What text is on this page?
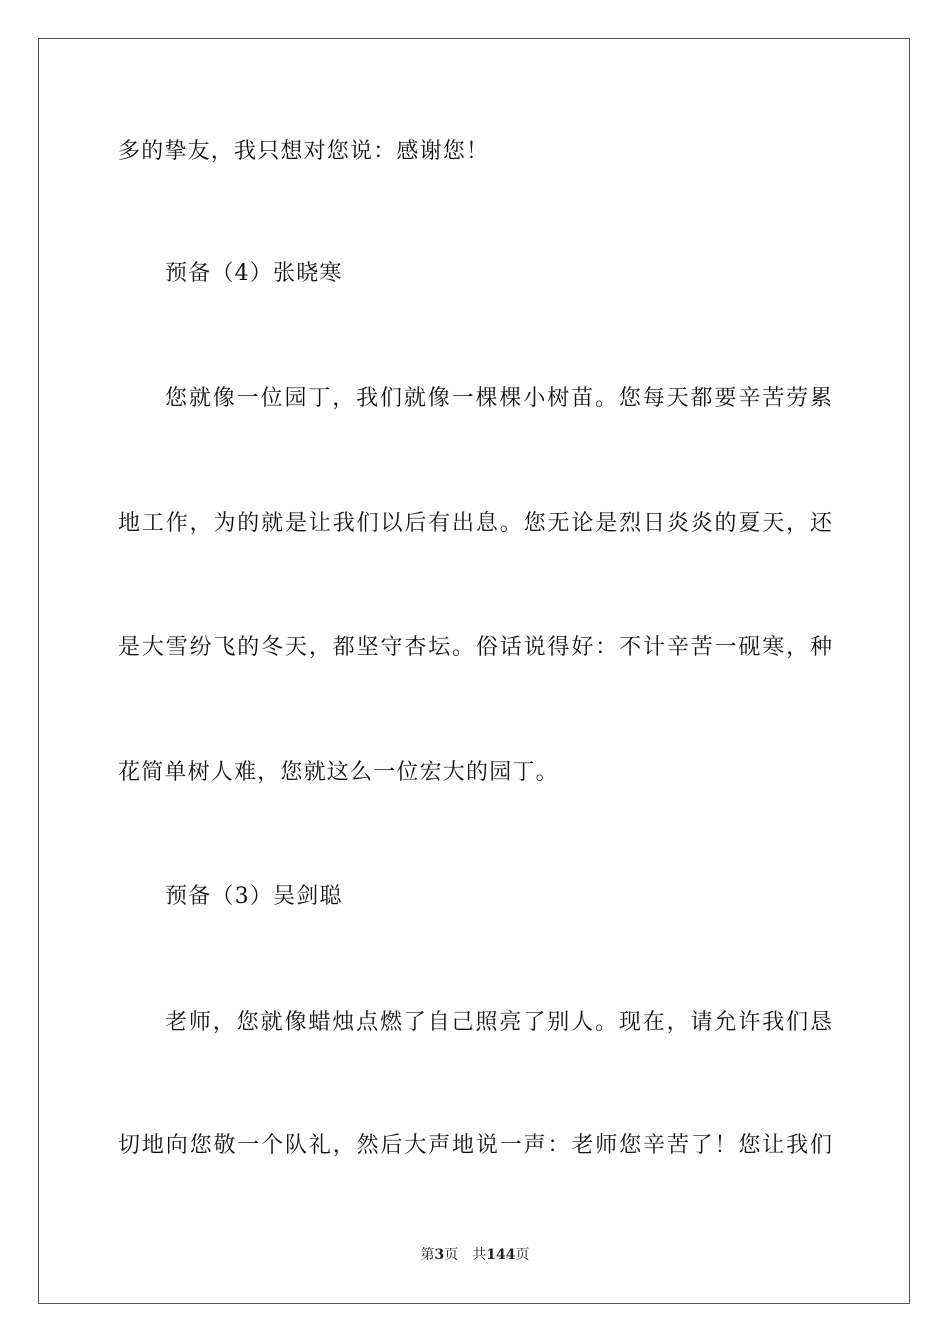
多的挚友，我只想对您说：感谢您！
预备（4）张晓寒
您就像一位园丁，我们就像一棵棵小树苗。您每天都要辛苦劳累
地工作，为的就是让我们以后有出息。您无论是烈日炎炎的夏天，还
是大雪纷飞的冬天，都坚守杏坛。俗话说得好：不计辛苦一砚寒，种
花简单树人难，您就这么一位宏大的园丁。
预备（3）吴剑聪
老师，您就像蜡烛点燃了自己照亮了别人。现在，请允许我们恳
切地向您敬一个队礼，然后大声地说一声：老师您辛苦了！您让我们
第3页 共144页
